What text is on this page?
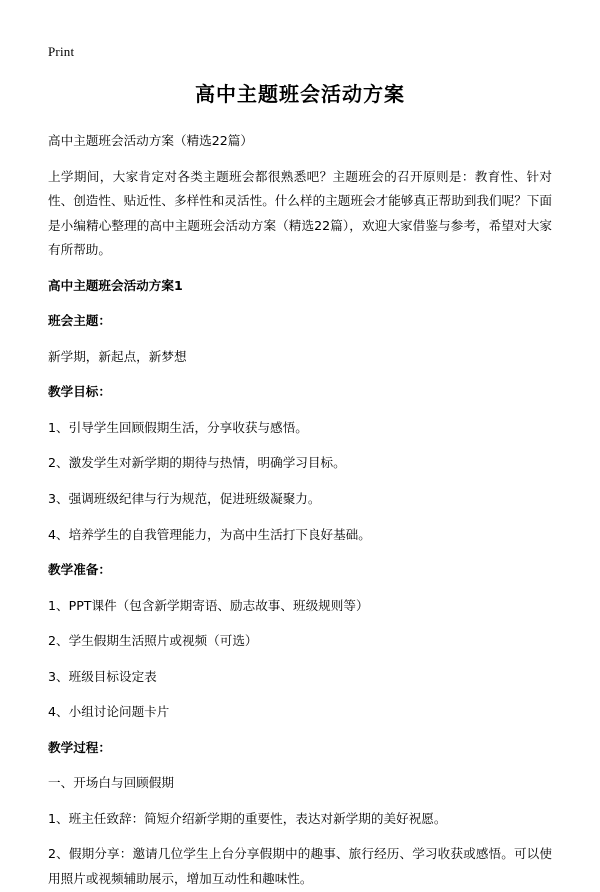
Print
高中主题班会活动方案

高中主题班会活动方案（精选22篇）

上学期间，大家肯定对各类主题班会都很熟悉吧？主题班会的召开原则是：教育性、针对性、创造性、贴近性、多样性和灵活性。什么样的主题班会才能够真正帮助到我们呢？下面是小编精心整理的高中主题班会活动方案（精选22篇），欢迎大家借鉴与参考，希望对大家有所帮助。

高中主题班会活动方案1

班会主题：

新学期，新起点，新梦想

教学目标：

1、引导学生回顾假期生活，分享收获与感悟。

2、激发学生对新学期的期待与热情，明确学习目标。

3、强调班级纪律与行为规范，促进班级凝聚力。

4、培养学生的自我管理能力，为高中生活打下良好基础。

教学准备：

1、PPT课件（包含新学期寄语、励志故事、班级规则等）

2、学生假期生活照片或视频（可选）

3、班级目标设定表

4、小组讨论问题卡片

教学过程：

一、开场白与回顾假期

1、班主任致辞：简短介绍新学期的重要性，表达对新学期的美好祝愿。

2、假期分享：邀请几位学生上台分享假期中的趣事、旅行经历、学习收获或感悟。可以使用照片或视频辅助展示，增加互动性和趣味性。
